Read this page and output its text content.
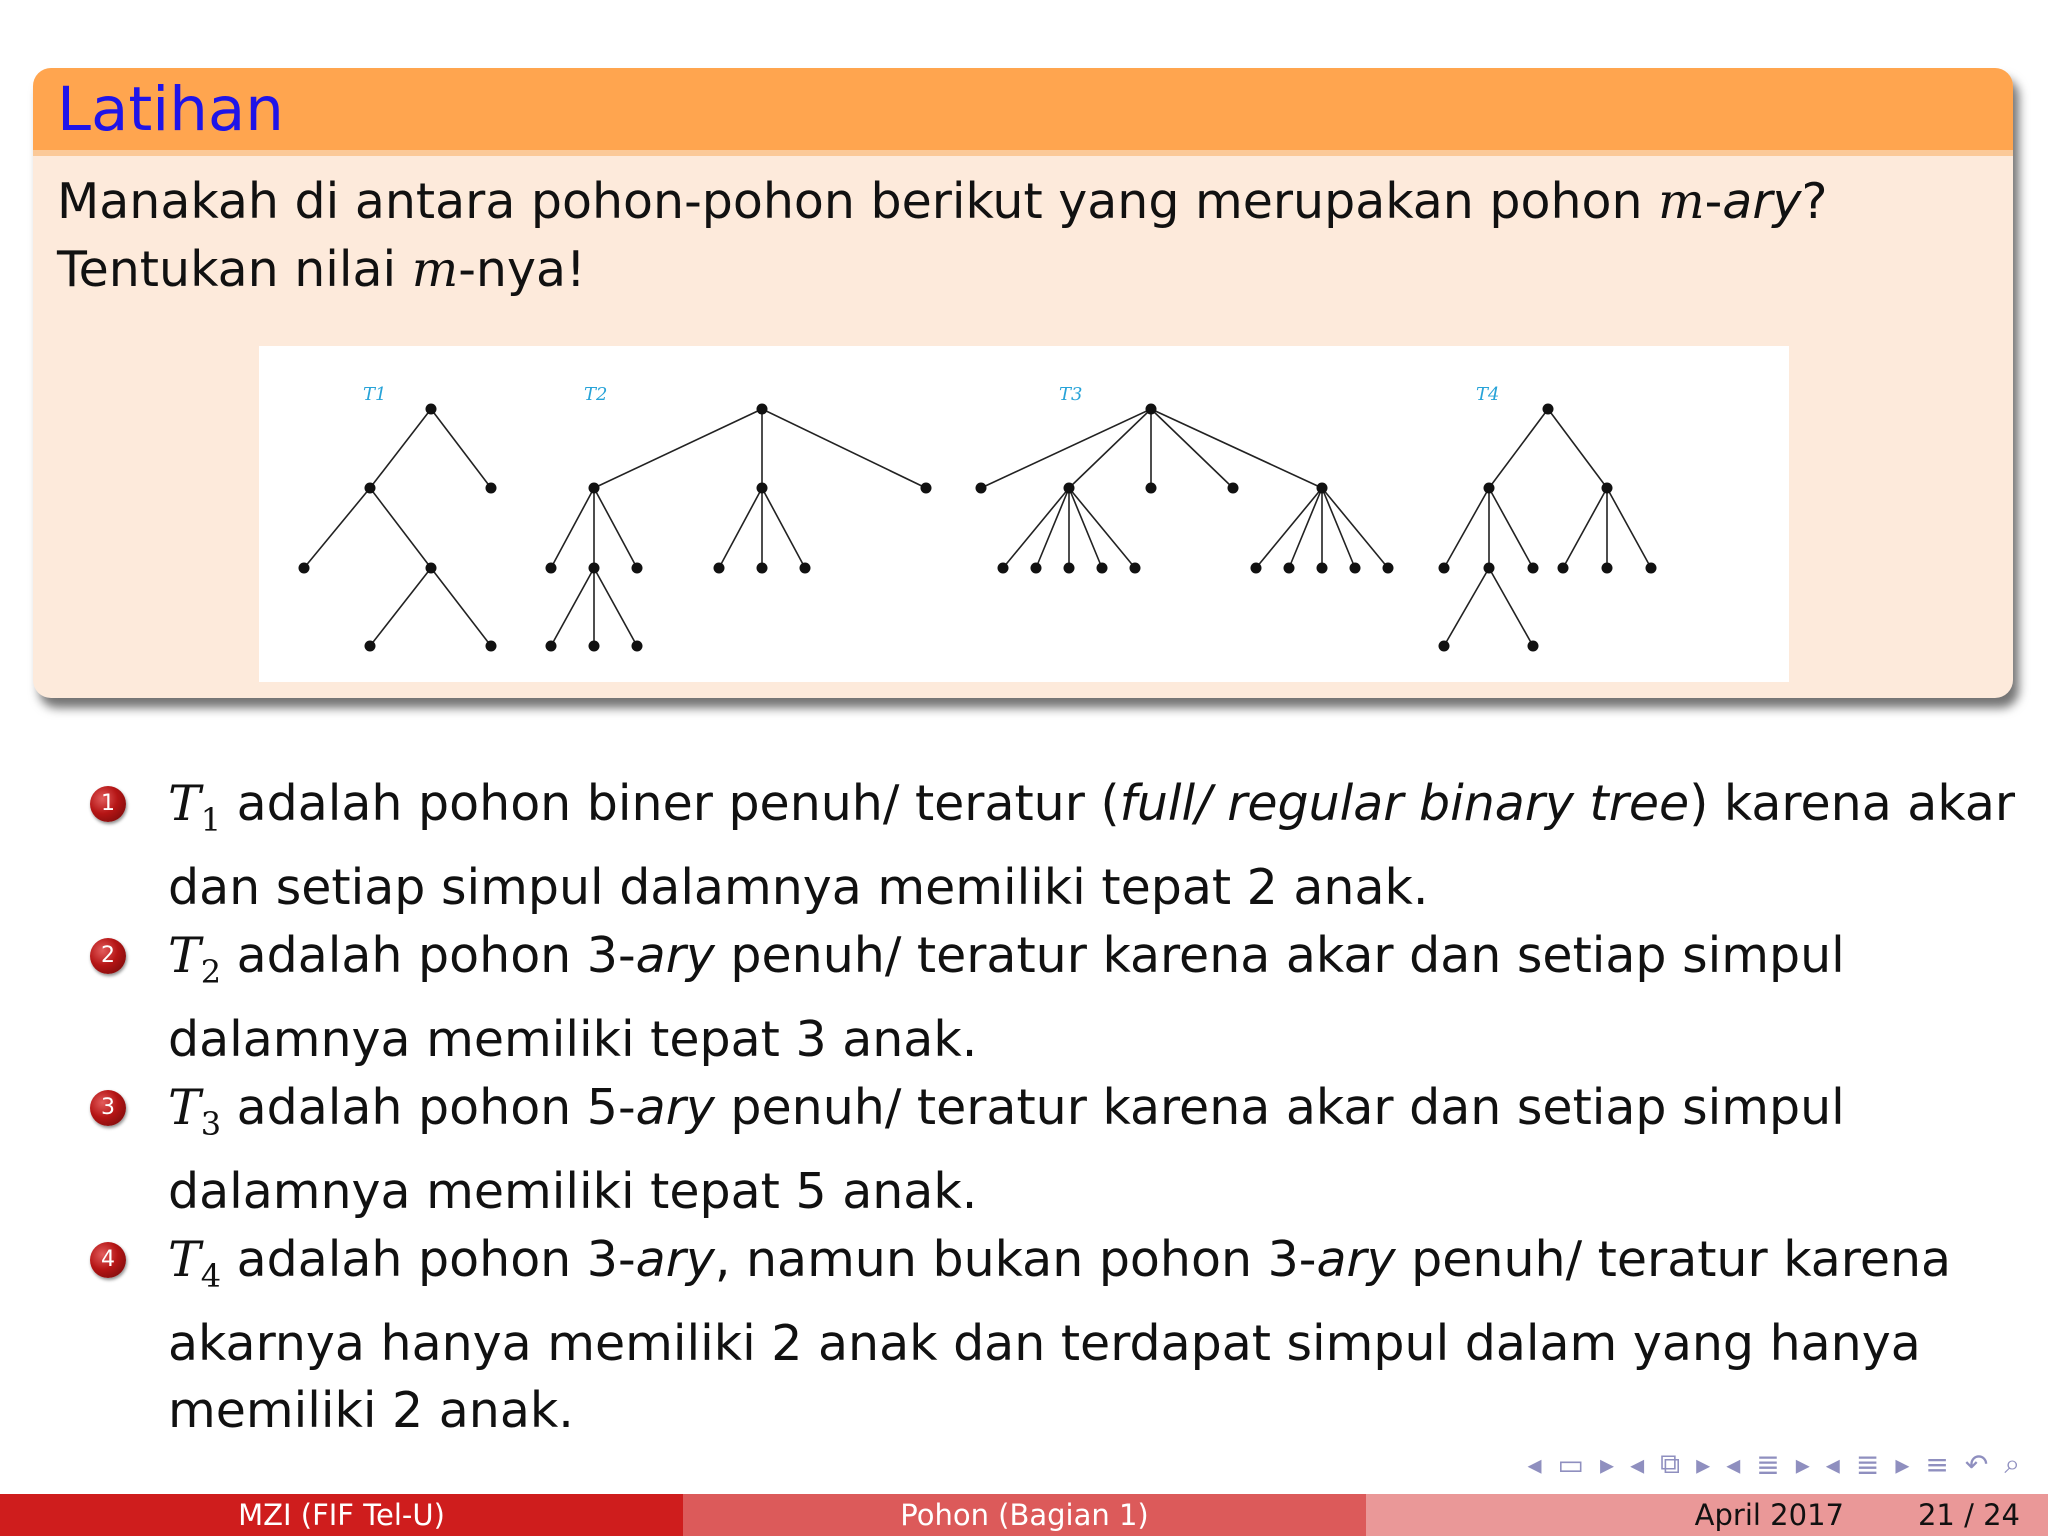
Latihan
Manakah di antara pohon-pohon berikut yang merupakan pohon m-ary?
Tentukan nilai m-nya!
T1	T2	T3	T4
1 $T_1$ adalah pohon biner penuh/ teratur (full/ regular binary tree) karena akar
dan setiap simpul dalamnya memiliki tepat 2 anak.
2 $T_2$ adalah pohon 3-ary penuh/ teratur karena akar dan setiap simpul
dalamnya memiliki tepat 3 anak.
3 $T_3$ adalah pohon 5-ary penuh/ teratur karena akar dan setiap simpul
dalamnya memiliki tepat 5 anak.
4 $T_4$ adalah pohon 3-ary, namun bukan pohon 3-ary penuh/ teratur karena
akarnya hanya memiliki 2 anak dan terdapat simpul dalam yang hanya
memiliki 2 anak.
◂ ▭ ▸ ◂ ⧉ ▸ ◂ ≣ ▸ ◂ ≣ ▸ ≡ ↶ ⌕
MZI (FIF Tel-U)	Pohon (Bagian 1)	April 2017	21 / 24
